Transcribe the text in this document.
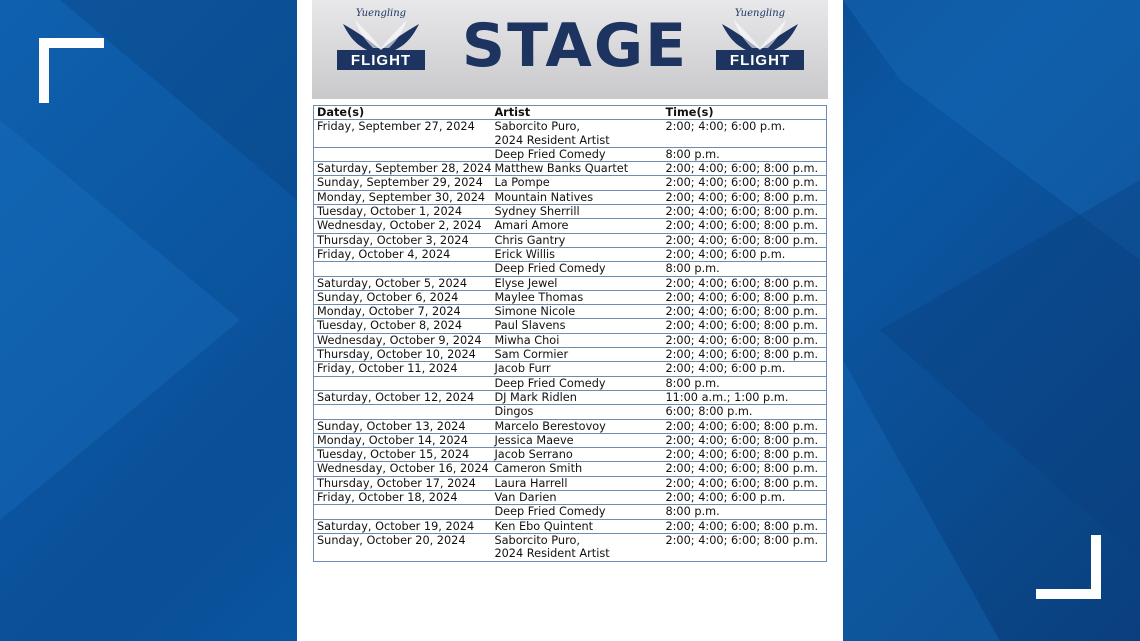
Yuengling
FLIGHT STAGE	Yuengling
FLIGHT
Date(s)	Artist	Time(s)
Friday, September 27, 2024	Saborcito Puro,	2:00; 4:00; 6:00 p.m.
	2024 Resident Artist	
	Deep Fried Comedy	8:00 p.m.
Saturday, September 28, 2024	Matthew Banks Quartet	2:00; 4:00; 6:00; 8:00 p.m.
Sunday, September 29, 2024	La Pompe	2:00; 4:00; 6:00; 8:00 p.m.
Monday, September 30, 2024	Mountain Natives	2:00; 4:00; 6:00; 8:00 p.m.
Tuesday, October 1, 2024	Sydney Sherrill	2:00; 4:00; 6:00; 8:00 p.m.
Wednesday, October 2, 2024	Amari Amore	2:00; 4:00; 6:00; 8:00 p.m.
Thursday, October 3, 2024	Chris Gantry	2:00; 4:00; 6:00; 8:00 p.m.
Friday, October 4, 2024	Erick Willis	2:00; 4:00; 6:00 p.m.
	Deep Fried Comedy	8:00 p.m.
Saturday, October 5, 2024	Elyse Jewel	2:00; 4:00; 6:00; 8:00 p.m.
Sunday, October 6, 2024	Maylee Thomas	2:00; 4:00; 6:00; 8:00 p.m.
Monday, October 7, 2024	Simone Nicole	2:00; 4:00; 6:00; 8:00 p.m.
Tuesday, October 8, 2024	Paul Slavens	2:00; 4:00; 6:00; 8:00 p.m.
Wednesday, October 9, 2024	Miwha Choi	2:00; 4:00; 6:00; 8:00 p.m.
Thursday, October 10, 2024	Sam Cormier	2:00; 4:00; 6:00; 8:00 p.m.
Friday, October 11, 2024	Jacob Furr	2:00; 4:00; 6:00 p.m.
	Deep Fried Comedy	8:00 p.m.
Saturday, October 12, 2024	DJ Mark Ridlen	11:00 a.m.; 1:00 p.m.
	Dingos	6:00; 8:00 p.m.
Sunday, October 13, 2024	Marcelo Berestovoy	2:00; 4:00; 6:00; 8:00 p.m.
Monday, October 14, 2024	Jessica Maeve	2:00; 4:00; 6:00; 8:00 p.m.
Tuesday, October 15, 2024	Jacob Serrano	2:00; 4:00; 6:00; 8:00 p.m.
Wednesday, October 16, 2024	Cameron Smith	2:00; 4:00; 6:00; 8:00 p.m.
Thursday, October 17, 2024	Laura Harrell	2:00; 4:00; 6:00; 8:00 p.m.
Friday, October 18, 2024	Van Darien	2:00; 4:00; 6:00 p.m.
	Deep Fried Comedy	8:00 p.m.
Saturday, October 19, 2024	Ken Ebo Quintent	2:00; 4:00; 6:00; 8:00 p.m.
Sunday, October 20, 2024	Saborcito Puro,	2:00; 4:00; 6:00; 8:00 p.m.
	2024 Resident Artist	
